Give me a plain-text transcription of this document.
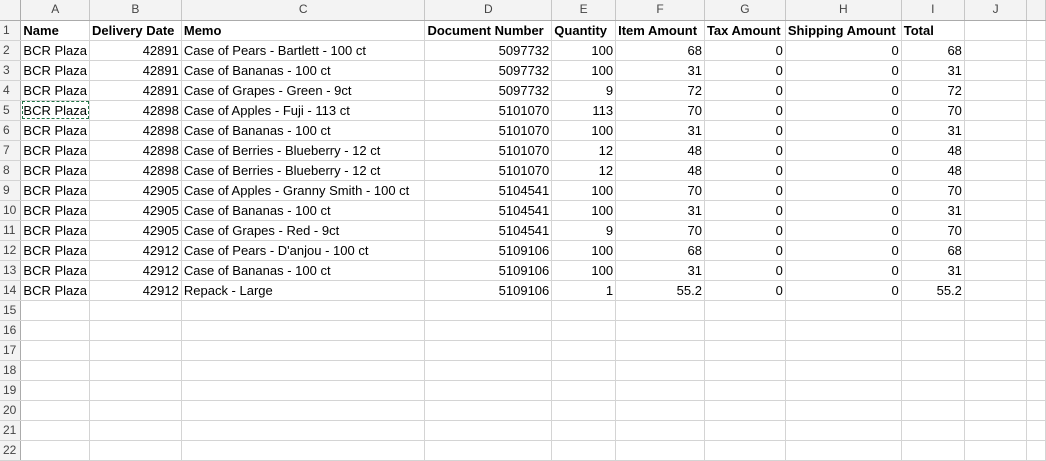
	A	B	C	D	E	F	G	H	I	J	
1	Name	Delivery Date	Memo	Document Number	Quantity	Item Amount	Tax Amount	Shipping Amount	Total		
2	BCR Plaza	42891	Case of Pears - Bartlett - 100 ct	5097732	100	68	0	0	68		
3	BCR Plaza	42891	Case of Bananas - 100 ct	5097732	100	31	0	0	31		
4	BCR Plaza	42891	Case of Grapes - Green - 9ct	5097732	9	72	0	0	72		
5	BCR Plaza	42898	Case of Apples - Fuji - 113 ct	5101070	113	70	0	0	70		
6	BCR Plaza	42898	Case of Bananas - 100 ct	5101070	100	31	0	0	31		
7	BCR Plaza	42898	Case of Berries - Blueberry - 12 ct	5101070	12	48	0	0	48		
8	BCR Plaza	42898	Case of Berries - Blueberry - 12 ct	5101070	12	48	0	0	48		
9	BCR Plaza	42905	Case of Apples - Granny Smith - 100 ct	5104541	100	70	0	0	70		
10	BCR Plaza	42905	Case of Bananas - 100 ct	5104541	100	31	0	0	31		
11	BCR Plaza	42905	Case of Grapes - Red - 9ct	5104541	9	70	0	0	70		
12	BCR Plaza	42912	Case of Pears - D'anjou - 100 ct	5109106	100	68	0	0	68		
13	BCR Plaza	42912	Case of Bananas - 100 ct	5109106	100	31	0	0	31		
14	BCR Plaza	42912	Repack - Large	5109106	1	55.2	0	0	55.2		
15											
16											
17											
18											
19											
20											
21											
22											
